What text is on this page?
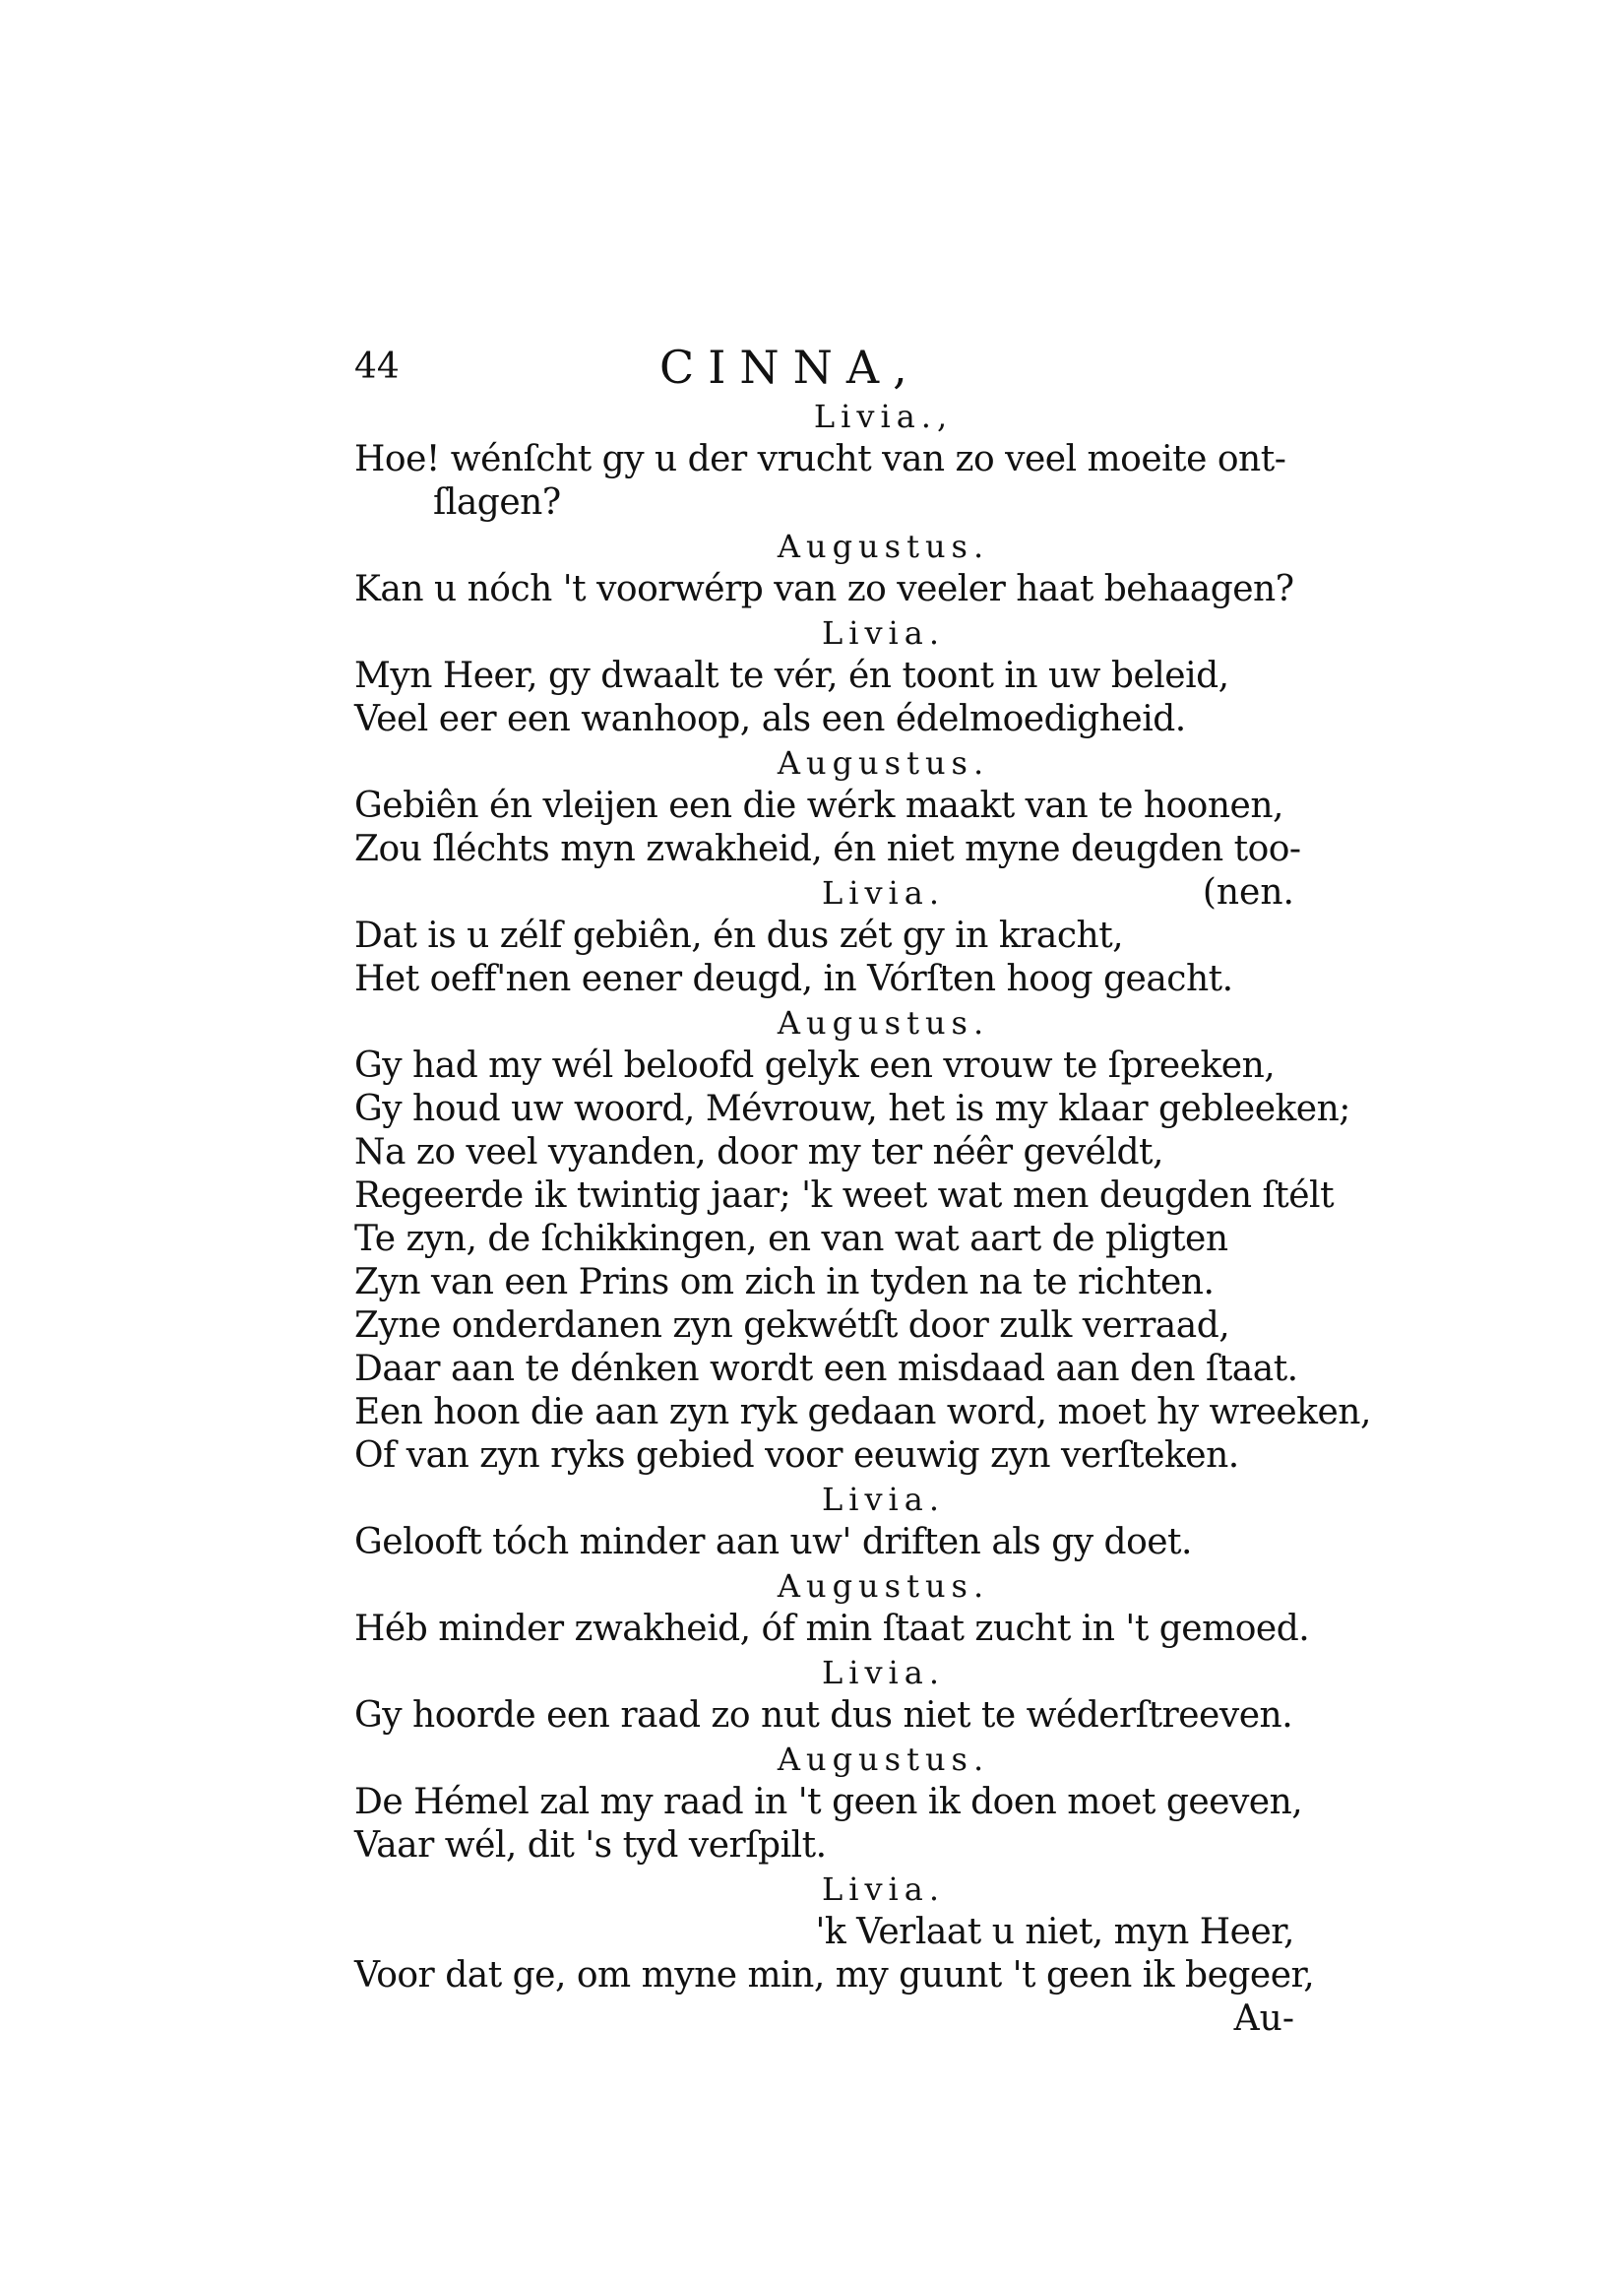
44	CINNA,
Livia.,
Hoe! wénſcht gy u der vrucht van zo veel moeite ont-
ſlagen?
Augustus.
Kan u nóch 't voorwérp van zo veeler haat behaagen?
Livia.
Myn Heer, gy dwaalt te vér, én toont in uw beleid,
Veel eer een wanhoop, als een édelmoedigheid.
Augustus.
Gebiên én vleijen een die wérk maakt van te hoonen,
Zou ſléchts myn zwakheid, én niet myne deugden too-
Livia.	(nen.
Dat is u zélf gebiên, én dus zét gy in kracht,
Het oeff'nen eener deugd, in Vórſten hoog geacht.
Augustus.
Gy had my wél beloofd gelyk een vrouw te ſpreeken,
Gy houd uw woord, Mévrouw, het is my klaar gebleeken;
Na zo veel vyanden, door my ter néêr gevéldt,
Regeerde ik twintig jaar; 'k weet wat men deugden ſtélt
Te zyn, de ſchikkingen, en van wat aart de pligten
Zyn van een Prins om zich in tyden na te richten.
Zyne onderdanen zyn gekwétſt door zulk verraad,
Daar aan te dénken wordt een misdaad aan den ſtaat.
Een hoon die aan zyn ryk gedaan word, moet hy wreeken,
Of van zyn ryks gebied voor eeuwig zyn verſteken.
Livia.
Gelooft tóch minder aan uw' driften als gy doet.
Augustus.
Héb minder zwakheid, óf min ſtaat zucht in 't gemoed.
Livia.
Gy hoorde een raad zo nut dus niet te wéderſtreeven.
Augustus.
De Hémel zal my raad in 't geen ik doen moet geeven,
Vaar wél, dit 's tyd verſpilt.
Livia.
'k Verlaat u niet, myn Heer,
Voor dat ge, om myne min, my guunt 't geen ik begeer,
Au-
